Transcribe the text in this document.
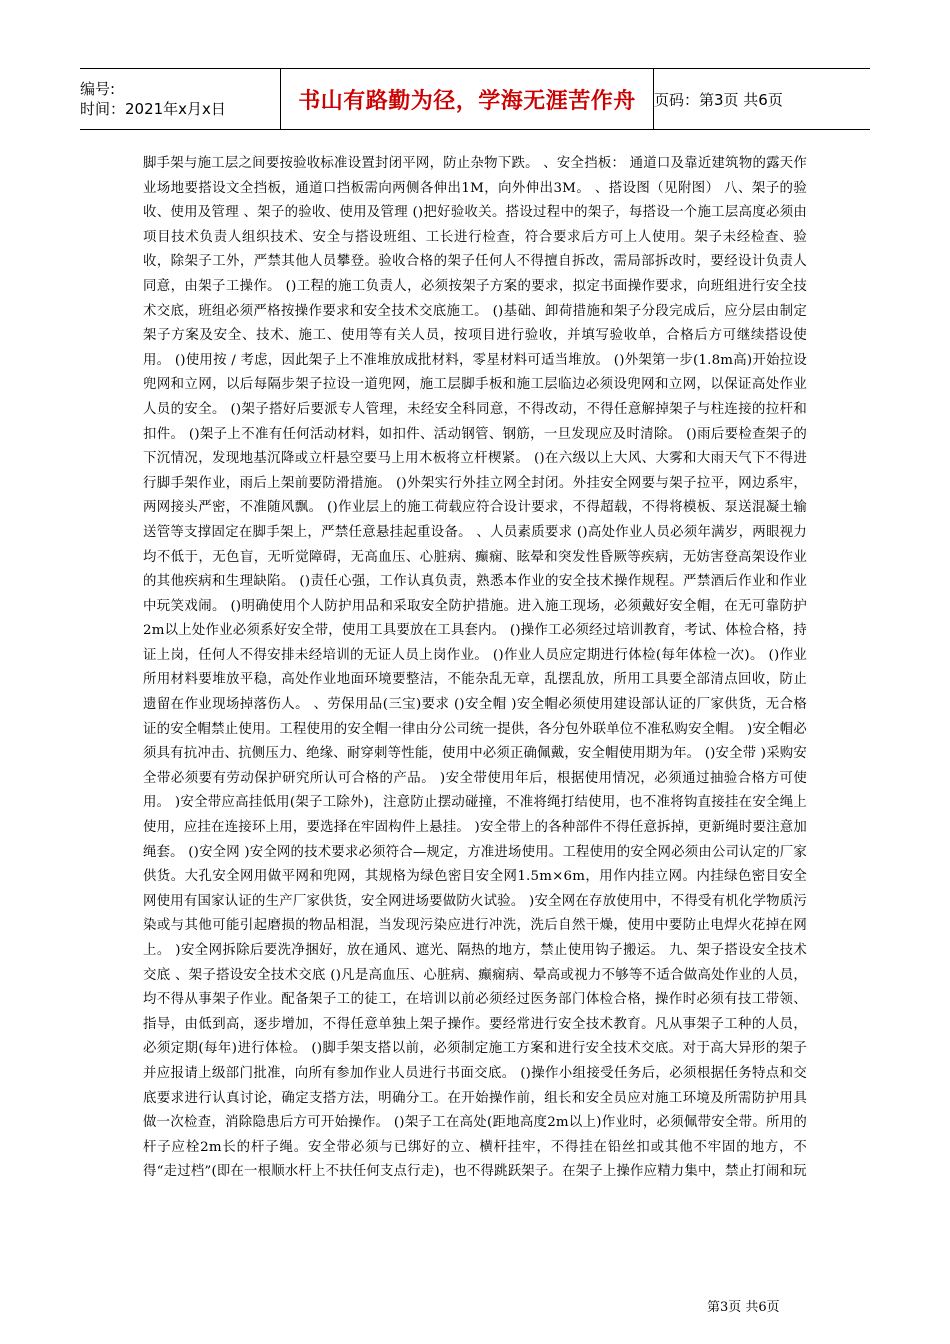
编号:
时间：2021年x月x日	书山有路勤为径，学海无涯苦作舟	页码：第3页 共6页
脚手架与施工层之间要按验收标准设置封闭平网，防止杂物下跌。 、安全挡板： 通道口及靠近建筑物的露天作业场地要搭设文全挡板，通道口挡板需向两侧各伸出1M，向外伸出3M。 、搭设图（见附图） 八、架子的验收、使用及管理 、架子的验收、使用及管理 ()把好验收关。搭设过程中的架子，每搭设一个施工层高度必须由项目技术负责人组织技术、安全与搭设班组、工长进行检查，符合要求后方可上人使用。架子未经检查、验收，除架子工外，严禁其他人员攀登。验收合格的架子任何人不得擅自拆改，需局部拆改时，要经设计负责人同意，由架子工操作。 ()工程的施工负责人，必须按架子方案的要求，拟定书面操作要求，向班组进行安全技术交底，班组必须严格按操作要求和安全技术交底施工。 ()基础、卸荷措施和架子分段完成后，应分层由制定架子方案及安全、技术、施工、使用等有关人员，按项目进行验收，并填写验收单，合格后方可继续搭设使用。 ()使用按 / 考虑，因此架子上不准堆放成批材料，零星材料可适当堆放。 ()外架第一步(1.8m高)开始拉设兜网和立网，以后每隔步架子拉设一道兜网，施工层脚手板和施工层临边必须设兜网和立网，以保证高处作业人员的安全。 ()架子搭好后要派专人管理，未经安全科同意，不得改动，不得任意解掉架子与柱连接的拉杆和扣件。 ()架子上不准有任何活动材料，如扣件、活动钢管、钢筋，一旦发现应及时清除。 ()雨后要检查架子的下沉情况，发现地基沉降或立杆悬空要马上用木板将立杆楔紧。 ()在六级以上大风、大雾和大雨天气下不得进行脚手架作业，雨后上架前要防滑措施。 ()外架实行外挂立网全封闭。外挂安全网要与架子拉平，网边系牢，两网接头严密，不准随风飘。 ()作业层上的施工荷载应符合设计要求，不得超载，不得将模板、泵送混凝土输送管等支撑固定在脚手架上，严禁任意悬挂起重设备。 、人员素质要求 ()高处作业人员必须年满岁，两眼视力均不低于，无色盲，无听觉障碍，无高血压、心脏病、癫痫、眩晕和突发性昏厥等疾病，无妨害登高架设作业的其他疾病和生理缺陷。 ()责任心强，工作认真负责，熟悉本作业的安全技术操作规程。严禁酒后作业和作业中玩笑戏闹。 ()明确使用个人防护用品和采取安全防护措施。进入施工现场，必须戴好安全帽，在无可靠防护2m以上处作业必须系好安全带，使用工具要放在工具套内。 ()操作工必须经过培训教育，考试、体检合格，持证上岗，任何人不得安排未经培训的无证人员上岗作业。 ()作业人员应定期进行体检(每年体检一次)。 ()作业所用材料要堆放平稳，高处作业地面环境要整洁，不能杂乱无章，乱摆乱放，所用工具要全部清点回收，防止遗留在作业现场掉落伤人。 、劳保用品(三宝)要求 ()安全帽 )安全帽必须使用建设部认证的厂家供货，无合格证的安全帽禁止使用。工程使用的安全帽一律由分公司统一提供，各分包外联单位不准私购安全帽。 )安全帽必须具有抗冲击、抗侧压力、绝缘、耐穿刺等性能，使用中必须正确佩戴，安全帽使用期为年。 ()安全带 )采购安全带必须要有劳动保护研究所认可合格的产品。 )安全带使用年后，根据使用情况，必须通过抽验合格方可使用。 )安全带应高挂低用(架子工除外)，注意防止摆动碰撞，不准将绳打结使用，也不准将钩直接挂在安全绳上使用，应挂在连接环上用，要选择在牢固构件上悬挂。 )安全带上的各种部件不得任意拆掉，更新绳时要注意加绳套。 ()安全网 )安全网的技术要求必须符合—规定，方准进场使用。工程使用的安全网必须由公司认定的厂家供货。大孔安全网用做平网和兜网，其规格为绿色密目安全网1.5m×6m，用作内挂立网。内挂绿色密目安全网使用有国家认证的生产厂家供货，安全网进场要做防火试验。 )安全网在存放使用中，不得受有机化学物质污染或与其他可能引起磨损的物品相混，当发现污染应进行冲洗，洗后自然干燥，使用中要防止电焊火花掉在网上。 )安全网拆除后要洗净捆好，放在通风、遮光、隔热的地方，禁止使用钩子搬运。 九、架子搭设安全技术交底 、架子搭设安全技术交底 ()凡是高血压、心脏病、癫痫病、晕高或视力不够等不适合做高处作业的人员，均不得从事架子作业。配备架子工的徒工，在培训以前必须经过医务部门体检合格，操作时必须有技工带领、指导，由低到高，逐步增加，不得任意单独上架子操作。要经常进行安全技术教育。凡从事架子工种的人员，必须定期(每年)进行体检。 ()脚手架支搭以前，必须制定施工方案和进行安全技术交底。对于高大异形的架子并应报请上级部门批准，向所有参加作业人员进行书面交底。 ()操作小组接受任务后，必须根据任务特点和交底要求进行认真讨论，确定支搭方法，明确分工。在开始操作前，组长和安全员应对施工环境及所需防护用具做一次检查，消除隐患后方可开始操作。 ()架子工在高处(距地高度2m以上)作业时，必须佩带安全带。所用的杆子应栓2m长的杆子绳。安全带必须与已绑好的立、横杆挂牢，不得挂在铅丝扣或其他不牢固的地方，不得“走过档”(即在一根顺水杆上不扶任何支点行走)，也不得跳跃架子。在架子上操作应精力集中，禁止打闹和玩
第3页 共6页
